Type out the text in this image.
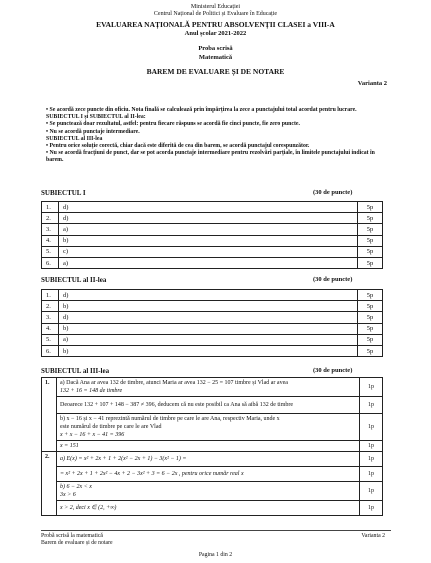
Ministerul Educației
Centrul Național de Politici și Evaluare în Educație
EVALUAREA NAȚIONALĂ PENTRU ABSOLVENȚII CLASEI a VIII-A
Anul școlar 2021-2022
Proba scrisă
Matematică
BAREM DE EVALUARE ȘI DE NOTARE
Varianta 2
• Se acordă zece puncte din oficiu. Nota finală se calculează prin împărțirea la zece a punctajului total acordat pentru lucrare.
SUBIECTUL I și SUBIECTUL al II-lea:
• Se punctează doar rezultatul, astfel: pentru fiecare răspuns se acordă fie cinci puncte, fie zero puncte.
• Nu se acordă punctaje intermediare.
SUBIECTUL al III-lea
• Pentru orice soluție corectă, chiar dacă este diferită de cea din barem, se acordă punctajul corespunzător.
• Nu se acordă fracțiuni de punct, dar se pot acorda punctaje intermediare pentru rezolvări parțiale, în limitele punctajului indicat în barem.
SUBIECTUL I	(30 de puncte)
1.	d)	5p
2.	d)	5p
3.	a)	5p
4.	b)	5p
5.	c)	5p
6.	a)	5p
SUBIECTUL al II-lea	(30 de puncte)
1.	d)	5p
2.	b)	5p
3.	d)	5p
4.	b)	5p
5.	a)	5p
6.	b)	5p
SUBIECTUL al III-lea	(30 de puncte)
1.	a) Dacă Ana ar avea 132 de timbre, atunci Maria ar avea 132 − 25 = 107 timbre și Vlad ar avea
132 + 16 = 148 de timbre	1p

	Deoarece 132 + 107 + 148 − 387 ≠ 396, deducem că nu este posibil ca Ana să aibă 132 de timbre	1p

	b) x − 16 și x − 41 reprezintă numărul de timbre pe care le are Ana, respectiv Maria, unde x
este numărul de timbre pe care le are Vlad
x + x − 16 + x − 41 = 396	1p

	x = 151	1p
2.	a) E(x) = x² + 2x + 1 + 2(x² − 2x + 1) − 3(x² − 1) =	1p

	= x² + 2x + 1 + 2x² − 4x + 2 − 3x² + 3 = 6 − 2x , pentru orice număr real x	1p

	b) 6 − 2x < x
3x > 6	1p

	x > 2, deci x ∈ (2, +∞)	1p
Probă scrisă la matematică
Barem de evaluare și de notare
Varianta 2
Pagina 1 din 2
